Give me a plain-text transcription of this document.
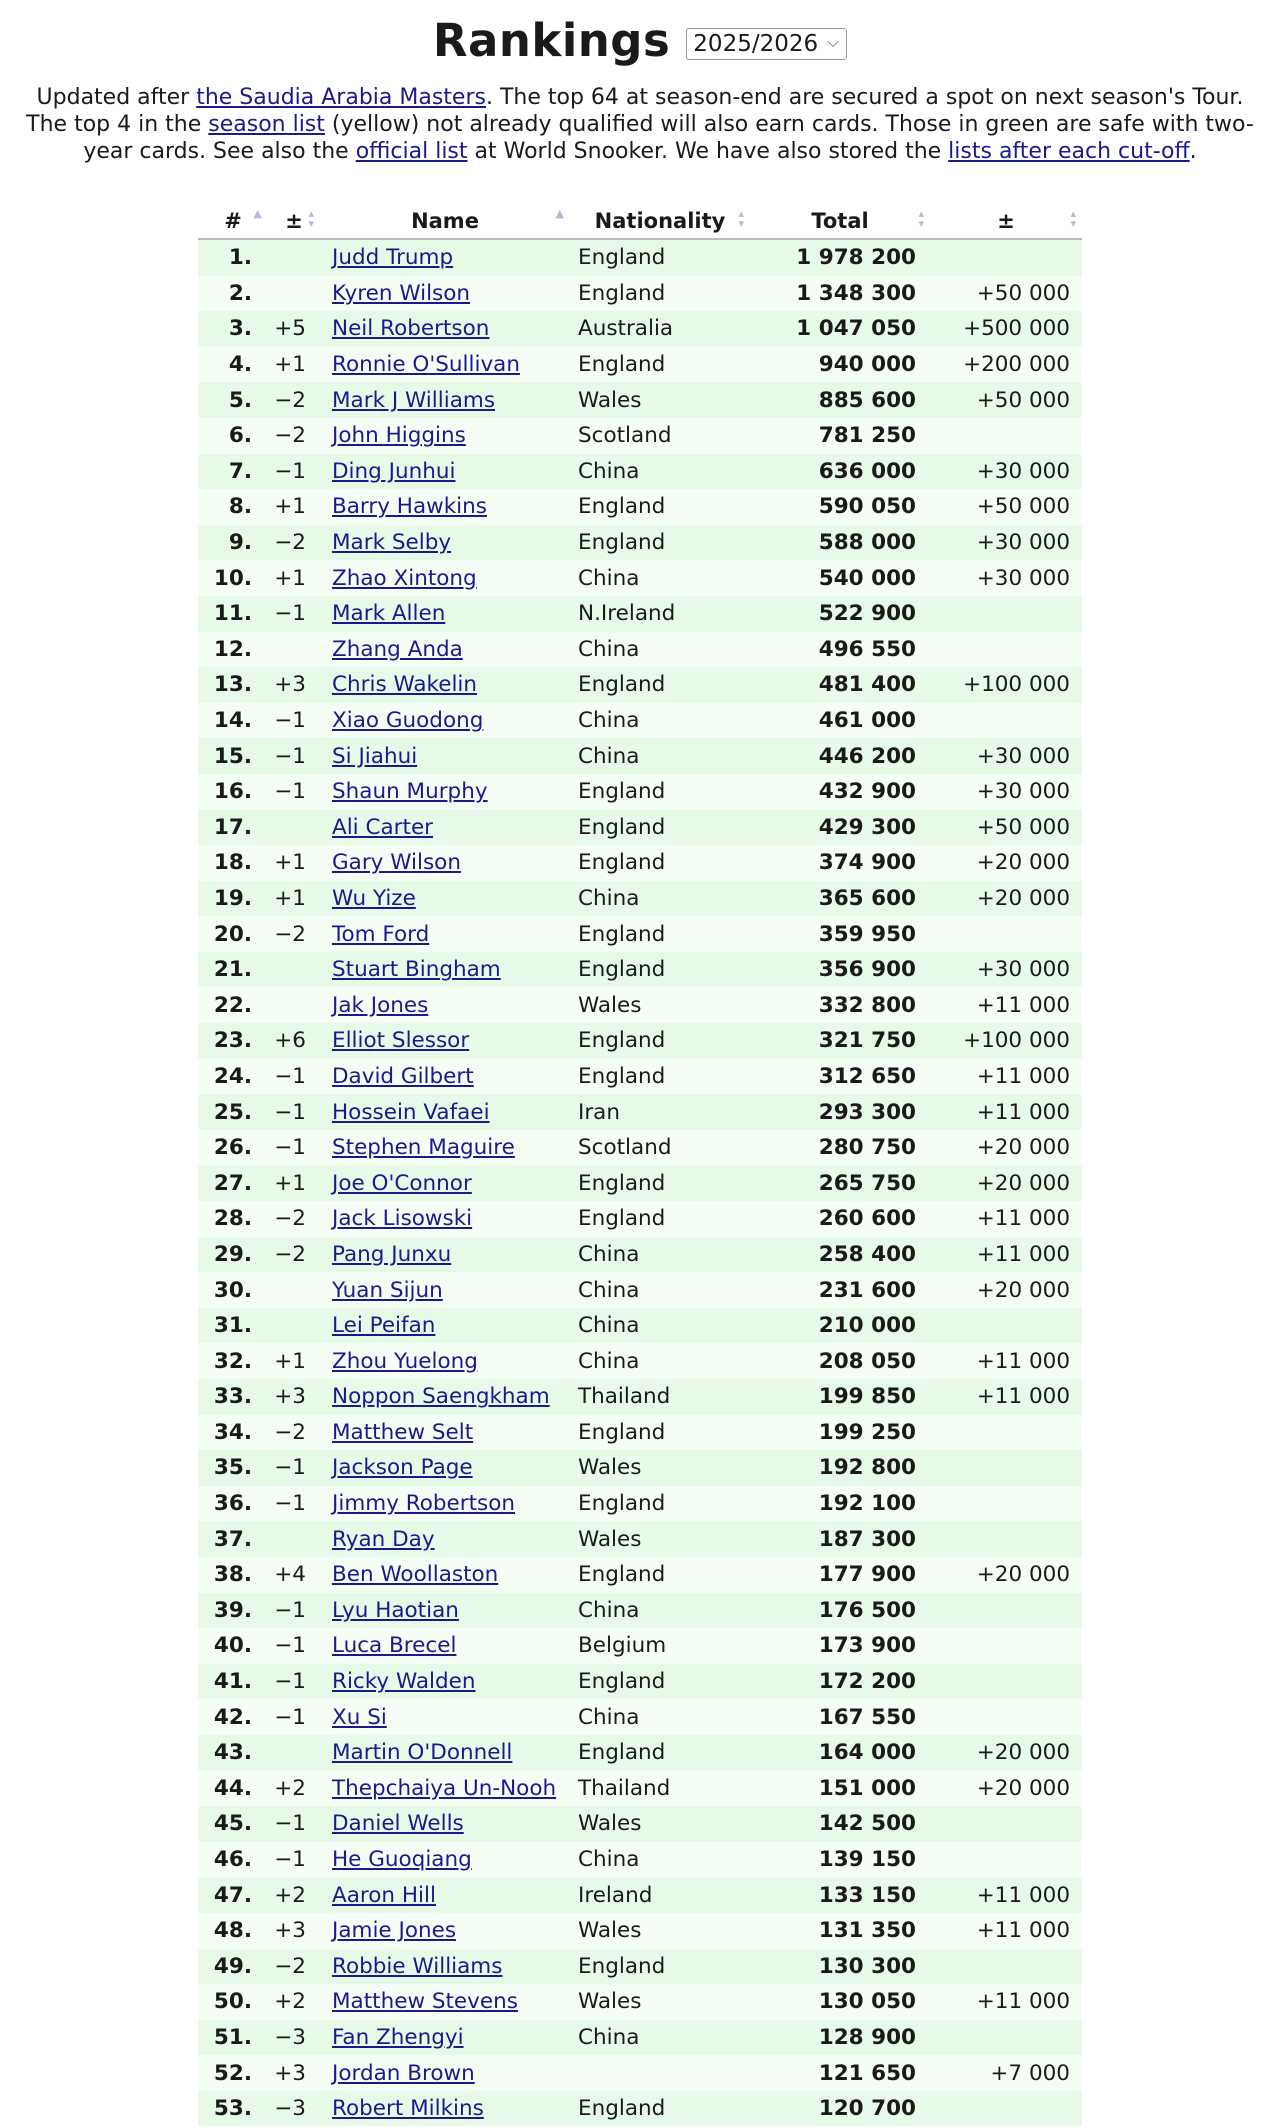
Rankings	2025/2026 ⌵
Updated after the Saudia Arabia Masters. The top 64 at season-end are secured a spot on next season's Tour. The top 4 in the season list (yellow) not already qualified will also earn cards. Those in green are safe with two-year cards. See also the official list at World Snooker. We have also stored the lists after each cut-off.
# ▲	± ▴
▾	Name ▲	Nationality ▴
▾	Total ▴
▾	± ▴
▾

1.		Judd Trump	England	1 978 200	
2.		Kyren Wilson	England	1 348 300	+50 000
3.	+5	Neil Robertson	Australia	1 047 050	+500 000
4.	+1	Ronnie O'Sullivan	England	940 000	+200 000
5.	−2	Mark J Williams	Wales	885 600	+50 000
6.	−2	John Higgins	Scotland	781 250	
7.	−1	Ding Junhui	China	636 000	+30 000
8.	+1	Barry Hawkins	England	590 050	+50 000
9.	−2	Mark Selby	England	588 000	+30 000
10.	+1	Zhao Xintong	China	540 000	+30 000
11.	−1	Mark Allen	N.Ireland	522 900	
12.		Zhang Anda	China	496 550	
13.	+3	Chris Wakelin	England	481 400	+100 000
14.	−1	Xiao Guodong	China	461 000	
15.	−1	Si Jiahui	China	446 200	+30 000
16.	−1	Shaun Murphy	England	432 900	+30 000
17.		Ali Carter	England	429 300	+50 000
18.	+1	Gary Wilson	England	374 900	+20 000
19.	+1	Wu Yize	China	365 600	+20 000
20.	−2	Tom Ford	England	359 950	
21.		Stuart Bingham	England	356 900	+30 000
22.		Jak Jones	Wales	332 800	+11 000
23.	+6	Elliot Slessor	England	321 750	+100 000
24.	−1	David Gilbert	England	312 650	+11 000
25.	−1	Hossein Vafaei	Iran	293 300	+11 000
26.	−1	Stephen Maguire	Scotland	280 750	+20 000
27.	+1	Joe O'Connor	England	265 750	+20 000
28.	−2	Jack Lisowski	England	260 600	+11 000
29.	−2	Pang Junxu	China	258 400	+11 000
30.		Yuan Sijun	China	231 600	+20 000
31.		Lei Peifan	China	210 000	
32.	+1	Zhou Yuelong	China	208 050	+11 000
33.	+3	Noppon Saengkham	Thailand	199 850	+11 000
34.	−2	Matthew Selt	England	199 250	
35.	−1	Jackson Page	Wales	192 800	
36.	−1	Jimmy Robertson	England	192 100	
37.		Ryan Day	Wales	187 300	
38.	+4	Ben Woollaston	England	177 900	+20 000
39.	−1	Lyu Haotian	China	176 500	
40.	−1	Luca Brecel	Belgium	173 900	
41.	−1	Ricky Walden	England	172 200	
42.	−1	Xu Si	China	167 550	
43.		Martin O'Donnell	England	164 000	+20 000
44.	+2	Thepchaiya Un-Nooh	Thailand	151 000	+20 000
45.	−1	Daniel Wells	Wales	142 500	
46.	−1	He Guoqiang	China	139 150	
47.	+2	Aaron Hill	Ireland	133 150	+11 000
48.	+3	Jamie Jones	Wales	131 350	+11 000
49.	−2	Robbie Williams	England	130 300	
50.	+2	Matthew Stevens	Wales	130 050	+11 000
51.	−3	Fan Zhengyi	China	128 900	
52.	+3	Jordan Brown		121 650	+7 000
53.	−3	Robert Milkins	England	120 700	
